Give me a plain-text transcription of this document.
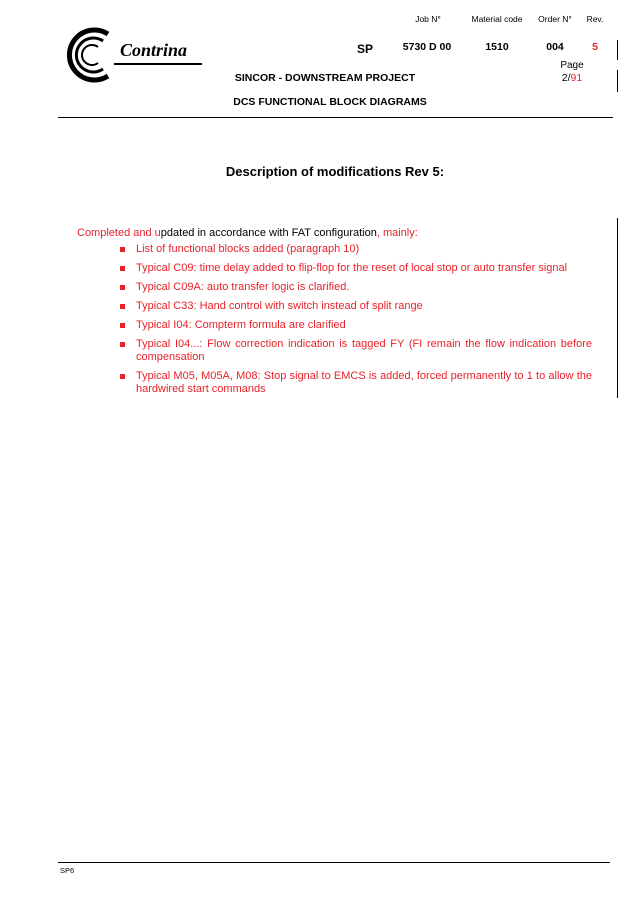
Contrina
Job N°	Material code	Order N°	Rev.
SP	5730 D 00	1510	004	5
Page
2/91
SINCOR - DOWNSTREAM PROJECT
DCS FUNCTIONAL BLOCK DIAGRAMS
Description of modifications Rev 5:
Completed and updated in accordance with FAT configuration, mainly:
List of functional blocks added (paragraph 10)
Typical C09: time delay added to flip-flop for the reset of local stop or auto transfer signal
Typical C09A: auto transfer logic is clarified.
Typical C33: Hand control with switch instead of split range
Typical I04: Compterm formula are clarified
Typical I04...: Flow correction indication is tagged FY (FI remain the flow indication before compensation
Typical M05, M05A, M08: Stop signal to EMCS is added, forced permanently to 1 to allow the hardwired start commands
SP6
